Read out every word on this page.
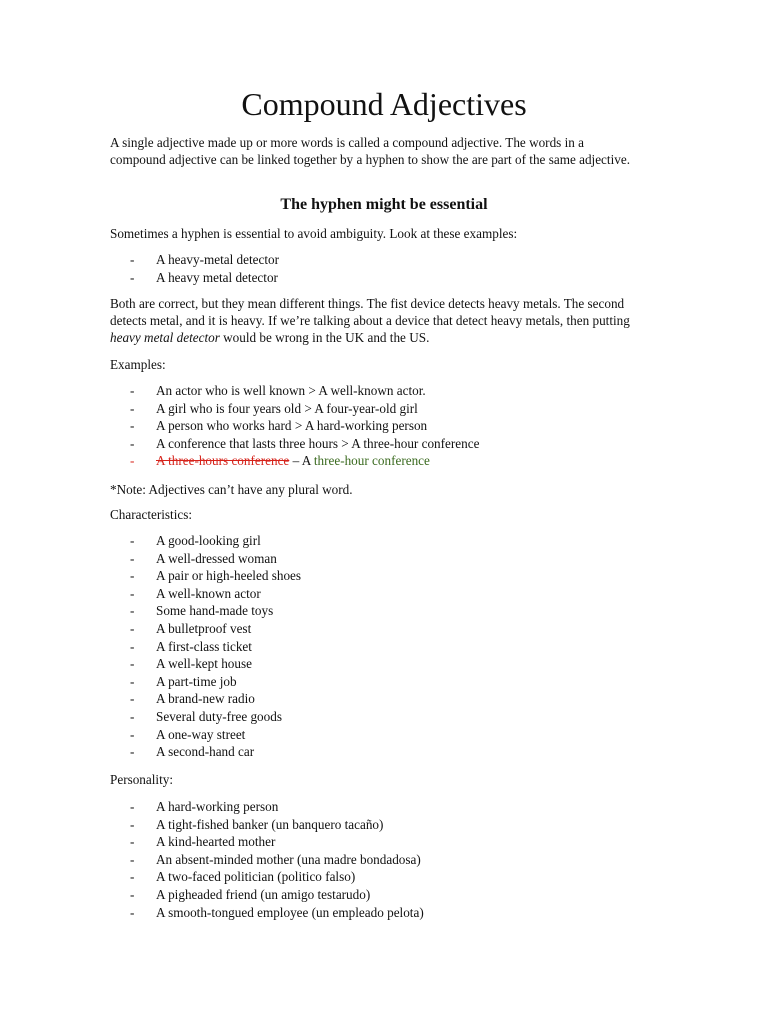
Compound Adjectives

A single adjective made up or more words is called a compound adjective. The words in a compound adjective can be linked together by a hyphen to show the are part of the same adjective.

The hyphen might be essential

Sometimes a hyphen is essential to avoid ambiguity. Look at these examples:

- A heavy-metal detector
- A heavy metal detector

Both are correct, but they mean different things. The fist device detects heavy metals. The second detects metal, and it is heavy. If we’re talking about a device that detect heavy metals, then putting heavy metal detector would be wrong in the UK and the US.

Examples:

- An actor who is well known > A well-known actor.
- A girl who is four years old > A four-year-old girl
- A person who works hard > A hard-working person
- A conference that lasts three hours > A three-hour conference
- A three-hours conference – A three-hour conference

*Note: Adjectives can’t have any plural word.

Characteristics:

- A good-looking girl
- A well-dressed woman
- A pair or high-heeled shoes
- A well-known actor
- Some hand-made toys
- A bulletproof vest
- A first-class ticket
- A well-kept house
- A part-time job
- A brand-new radio
- Several duty-free goods
- A one-way street
- A second-hand car

Personality:

- A hard-working person
- A tight-fished banker (un banquero tacaño)
- A kind-hearted mother
- An absent-minded mother (una madre bondadosa)
- A two-faced politician (politico falso)
- A pigheaded friend (un amigo testarudo)
- A smooth-tongued employee (un empleado pelota)
